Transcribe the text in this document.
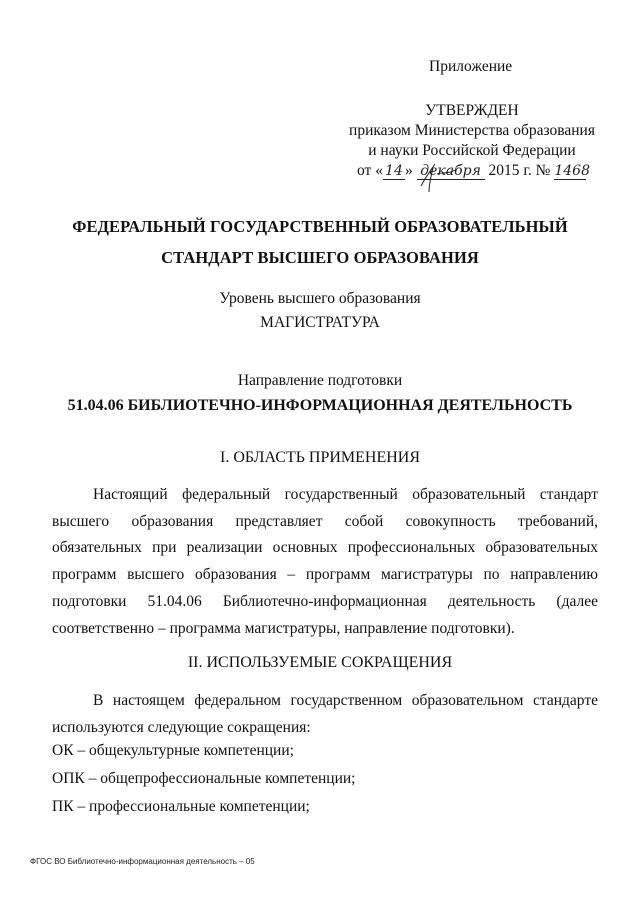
Приложение
УТВЕРЖДЕН
приказом Министерства образования
и науки Российской Федерации
от « 14 » декабря 2015 г. № 1468
ФЕДЕРАЛЬНЫЙ ГОСУДАРСТВЕННЫЙ ОБРАЗОВАТЕЛЬНЫЙ СТАНДАРТ ВЫСШЕГО ОБРАЗОВАНИЯ
Уровень высшего образования
МАГИСТРАТУРА
Направление подготовки
51.04.06 БИБЛИОТЕЧНО-ИНФОРМАЦИОННАЯ ДЕЯТЕЛЬНОСТЬ
I. ОБЛАСТЬ ПРИМЕНЕНИЯ
Настоящий федеральный государственный образовательный стандарт высшего образования представляет собой совокупность требований, обязательных при реализации основных профессиональных образовательных программ высшего образования – программ магистратуры по направлению подготовки 51.04.06 Библиотечно-информационная деятельность (далее соответственно – программа магистратуры, направление подготовки).
II. ИСПОЛЬЗУЕМЫЕ СОКРАЩЕНИЯ
В настоящем федеральном государственном образовательном стандарте используются следующие сокращения:
ОК – общекультурные компетенции;
ОПК – общепрофессиональные компетенции;
ПК – профессиональные компетенции;
ФГОС ВО Библиотечно-информационная деятельность – 05
